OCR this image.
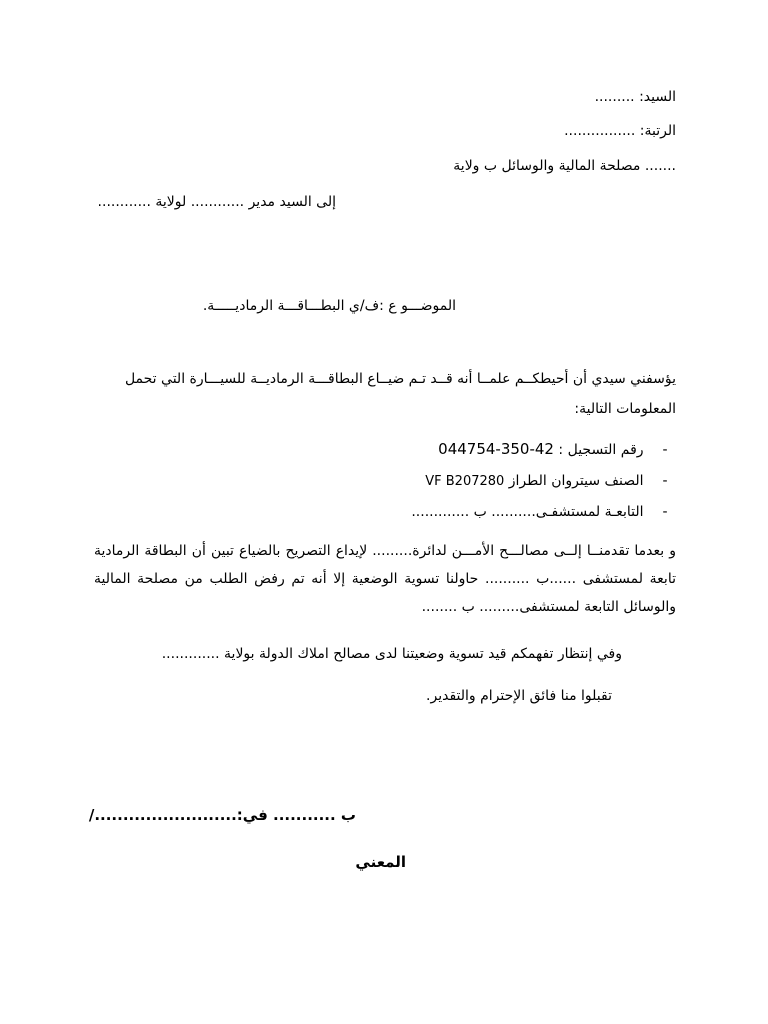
السيد: .........

الرتبة: ................

....... مصلحة المالية والوسائل ب ولاية

إلى السيد مدير ............ لولاية ............

الموضـــو ع :ف/ي البطـــاقـــة الرماديـــــة.

يؤسفني سيدي أن أحيطكــم علمــا أنه قــد تـم ضيــاع البطاقـــة الرماديــة للسيـــارة التي تحمل

المعلومات التالية:

- رقم التسجيل : 044754-350-42
- الصنف سيتروان الطراز VF B207280
- التابعـة لمستشفـى.......... ب .............

و بعدما تقدمنــا إلــى مصالـــح الأمـــن لدائرة......... لإيداع التصريح بالضياع تبين أن البطاقة الرمادية تابعة لمستشفى ......ب .......... حاولنا تسوية الوضعية إلا أنه تم رفض الطلب من مصلحة المالية والوسائل التابعة لمستشفى......... ب ........

وفي إنتظار تفهمكم قيد تسوية وضعيتنا لدى مصالح املاك الدولة بولاية .............

تقبلوا منا فائق الإحترام والتقدير.

ب ........... في:........................./

المعني
